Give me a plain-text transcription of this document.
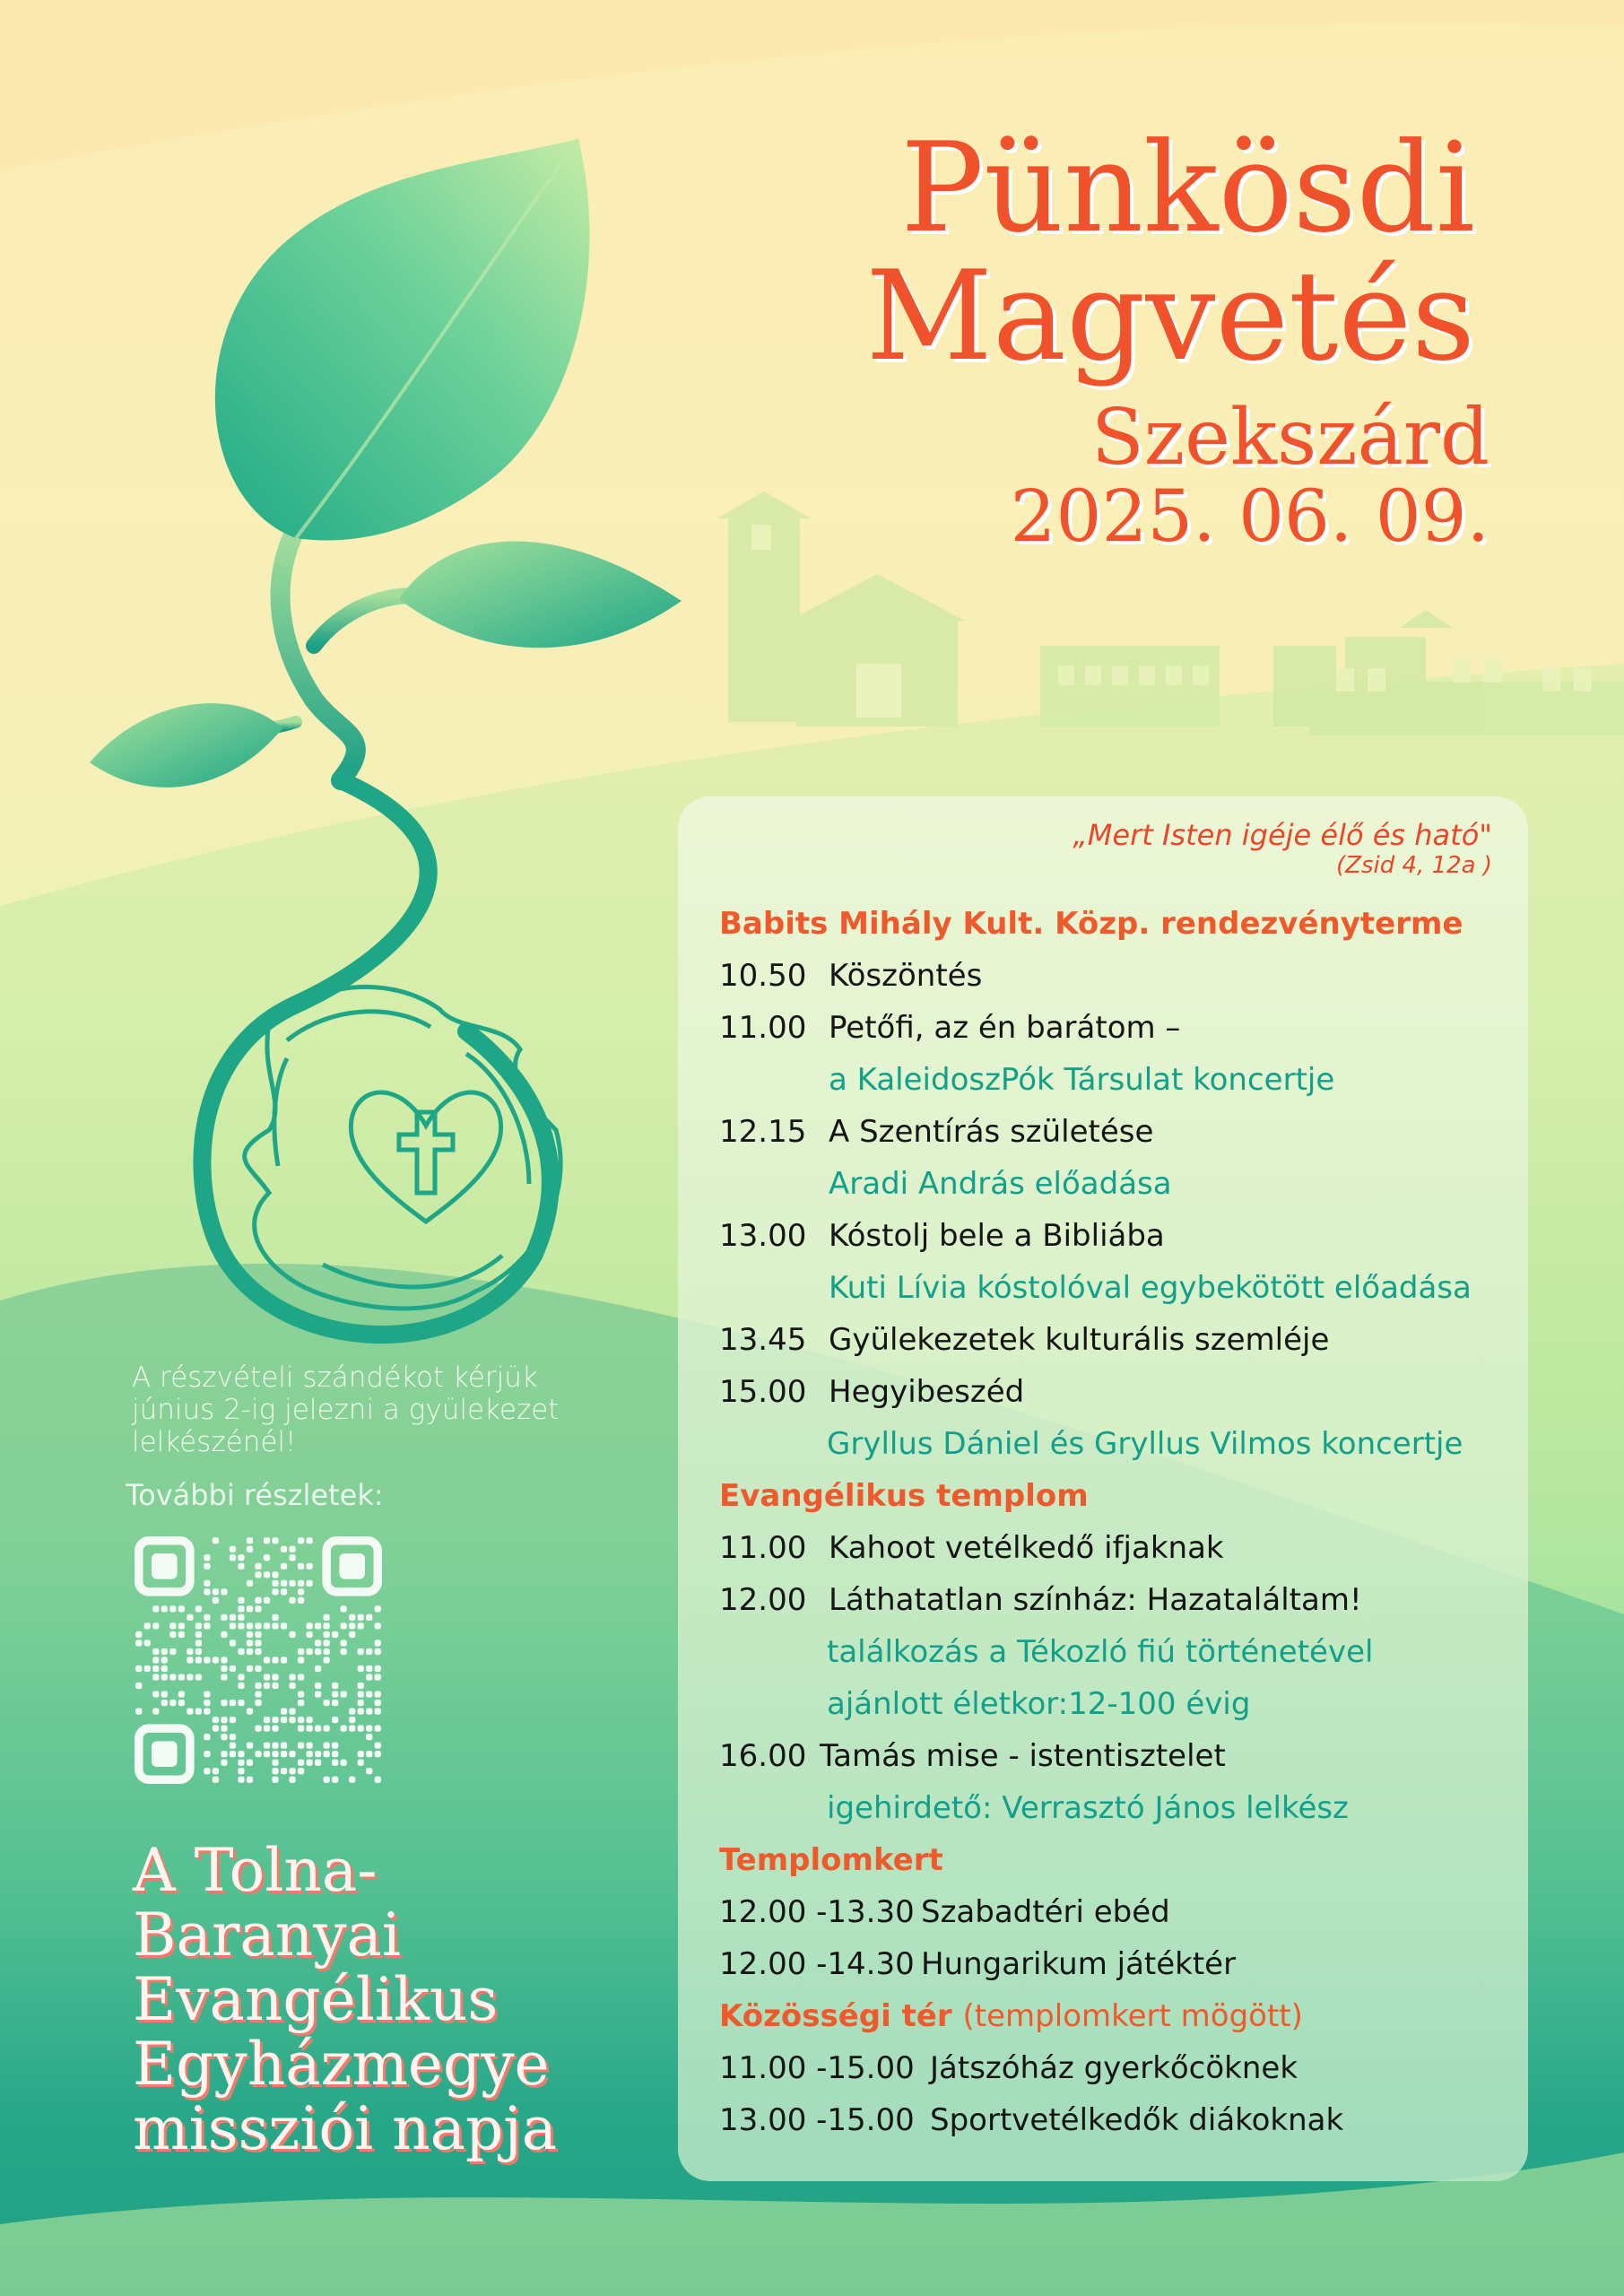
Pünkösdi
Magvetés
Szekszárd
2025. 06. 09.
„Mert Isten igéje élő és ható"
(Zsid 4, 12a )
Babits Mihály Kult. Közp. rendezvényterme
10.50 Köszöntés
11.00 Petőfi, az én barátom –
a KaleidoszPók Társulat koncertje
12.15 A Szentírás születése
Aradi András előadása
13.00 Kóstolj bele a Bibliába
Kuti Lívia kóstolóval egybekötött előadása
13.45 Gyülekezetek kulturális szemléje
15.00 Hegyibeszéd
Gryllus Dániel és Gryllus Vilmos koncertje
Evangélikus templom
11.00 Kahoot vetélkedő ifjaknak
12.00 Láthatatlan színház: Hazataláltam!
találkozás a Tékozló fiú történetével
ajánlott életkor:12-100 évig
16.00 Tamás mise - istentisztelet
igehirdető: Verrasztó János lelkész
Templomkert
12.00 -13.30 Szabadtéri ebéd
12.00 -14.30 Hungarikum játéktér
Közösségi tér (templomkert mögött)
11.00 -15.00 Játszóház gyerkőcöknek
13.00 -15.00 Sportvetélkedők diákoknak
A részvételi szándékot kérjük
június 2-ig jelezni a gyülekezet
lelkészénél!
További részletek:
A Tolna-
Baranyai
Evangélikus
Egyházmegye
missziói napja
